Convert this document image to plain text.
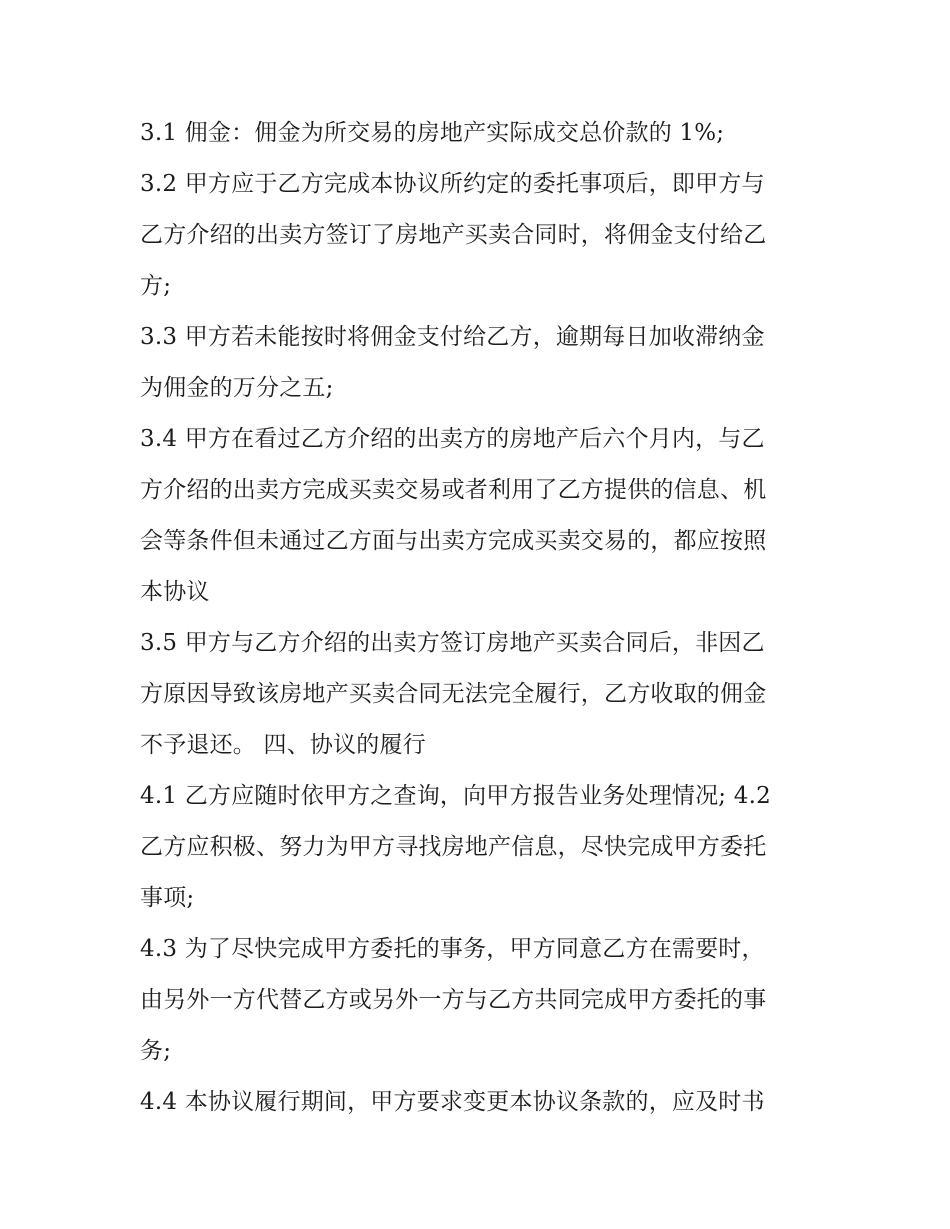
3.1 佣金：佣金为所交易的房地产实际成交总价款的 1%;
3.2 甲方应于乙方完成本协议所约定的委托事项后，即甲方与
乙方介绍的出卖方签订了房地产买卖合同时，将佣金支付给乙
方;
3.3 甲方若未能按时将佣金支付给乙方，逾期每日加收滞纳金
为佣金的万分之五;
3.4 甲方在看过乙方介绍的出卖方的房地产后六个月内，与乙
方介绍的出卖方完成买卖交易或者利用了乙方提供的信息、机
会等条件但未通过乙方面与出卖方完成买卖交易的，都应按照
本协议
3.5 甲方与乙方介绍的出卖方签订房地产买卖合同后，非因乙
方原因导致该房地产买卖合同无法完全履行，乙方收取的佣金
不予退还。 四、协议的履行
4.1 乙方应随时依甲方之查询，向甲方报告业务处理情况; 4.2
乙方应积极、努力为甲方寻找房地产信息，尽快完成甲方委托
事项;
4.3 为了尽快完成甲方委托的事务，甲方同意乙方在需要时，
由另外一方代替乙方或另外一方与乙方共同完成甲方委托的事
务;
4.4 本协议履行期间，甲方要求变更本协议条款的，应及时书
